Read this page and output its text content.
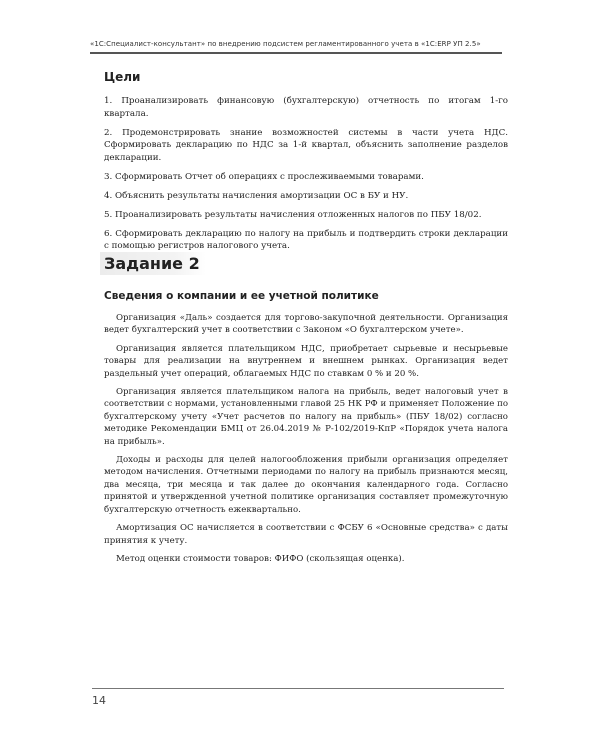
«1С:Специалист-консультант» по внедрению подсистем регламентированного учета в «1С:ERP УП 2.5»
Цели

1. Проанализировать финансовую (бухгалтерскую) отчетность по итогам 1-го квартала.

2. Продемонстрировать знание возможностей системы в части учета НДС. Сформировать декларацию по НДС за 1-й квартал, объяснить заполнение разделов декларации.

3. Сформировать Отчет об операциях с прослеживаемыми товарами.

4. Объяснить результаты начисления амортизации ОС в БУ и НУ.

5. Проанализировать результаты начисления отложенных налогов по ПБУ 18/02.

6. Сформировать декларацию по налогу на прибыль и подтвердить строки декларации с помощью регистров налогового учета.

Задание 2
Сведения о компании и ее учетной политике

Организация «Даль» создается для торгово-закупочной деятельности. Организация ведет бухгалтерский учет в соответствии с Законом «О бухгалтерском учете».

Организация является плательщиком НДС, приобретает сырьевые и несырьевые товары для реализации на внутреннем и внешнем рынках. Организация ведет раздельный учет операций, облагаемых НДС по ставкам 0 % и 20 %.

Организация является плательщиком налога на прибыль, ведет налоговый учет в соответствии с нормами, установленными главой 25 НК РФ и применяет Положение по бухгалтерскому учету «Учет расчетов по налогу на прибыль» (ПБУ 18/02) согласно методике Рекомендации БМЦ от 26.04.2019 № Р-102/2019-КпР «Порядок учета налога на прибыль».

Доходы и расходы для целей налогообложения прибыли организация определяет методом начисления. Отчетными периодами по налогу на прибыль признаются месяц, два месяца, три месяца и так далее до окончания календарного года. Согласно принятой и утвержденной учетной политике организация составляет промежуточную бухгалтерскую отчетность ежеквартально.

Амортизация ОС начисляется в соответствии с ФСБУ 6 «Основные средства» с даты принятия к учету.

Метод оценки стоимости товаров: ФИФО (скользящая оценка).

14
